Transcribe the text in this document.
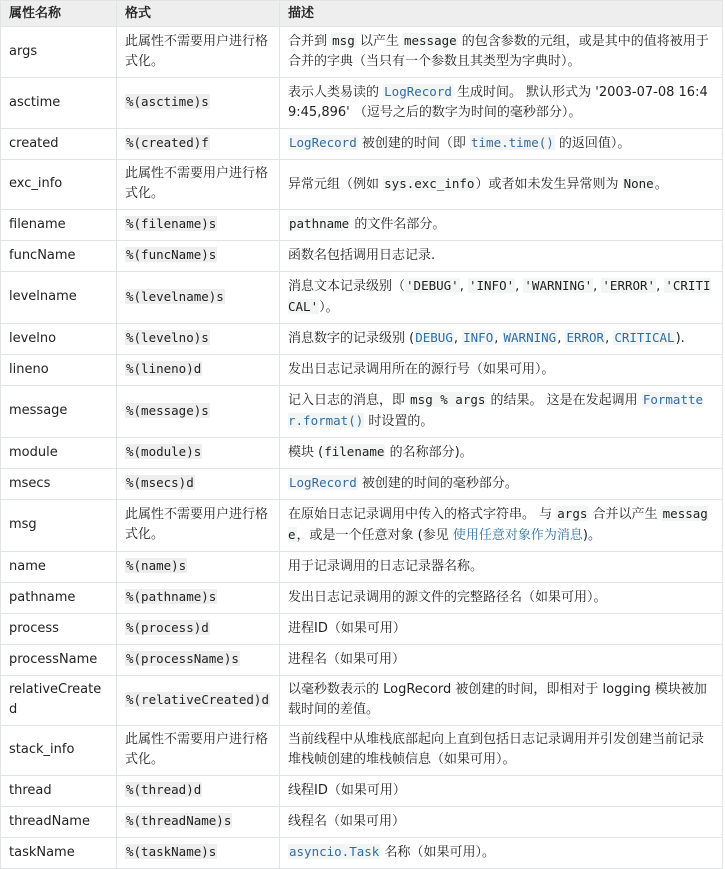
属性名称	格式	描述
args	此属性不需要用户进行格式化。	合并到 msg 以产生 message 的包含参数的元组，或是其中的值将被用于合并的字典（当只有一个参数且其类型为字典时）。
asctime	%(asctime)s	表示人类易读的 LogRecord 生成时间。 默认形式为 '2003-07-08 16:49:45,896' （逗号之后的数字为时间的毫秒部分）。
created	%(created)f	LogRecord 被创建的时间（即 time.time() 的返回值）。
exc_info	此属性不需要用户进行格式化。	异常元组（例如 sys.exc_info）或者如未发生异常则为 None。
filename	%(filename)s	pathname 的文件名部分。
funcName	%(funcName)s	函数名包括调用日志记录.
levelname	%(levelname)s	消息文本记录级别（'DEBUG', 'INFO', 'WARNING', 'ERROR', 'CRITICAL'）。
levelno	%(levelno)s	消息数字的记录级别 (DEBUG, INFO, WARNING, ERROR, CRITICAL).
lineno	%(lineno)d	发出日志记录调用所在的源行号（如果可用）。
message	%(message)s	记入日志的消息，即 msg % args 的结果。 这是在发起调用 Formatter.format() 时设置的。
module	%(module)s	模块 (filename 的名称部分)。
msecs	%(msecs)d	LogRecord 被创建的时间的毫秒部分。
msg	此属性不需要用户进行格式化。	在原始日志记录调用中传入的格式字符串。 与 args 合并以产生 message，或是一个任意对象 (参见 使用任意对象作为消息)。
name	%(name)s	用于记录调用的日志记录器名称。
pathname	%(pathname)s	发出日志记录调用的源文件的完整路径名（如果可用）。
process	%(process)d	进程ID（如果可用）
processName	%(processName)s	进程名（如果可用）
relativeCreated	%(relativeCreated)d	以毫秒数表示的 LogRecord 被创建的时间，即相对于 logging 模块被加载时间的差值。
stack_info	此属性不需要用户进行格式化。	当前线程中从堆栈底部起向上直到包括日志记录调用并引发创建当前记录堆栈帧创建的堆栈帧信息（如果可用）。
thread	%(thread)d	线程ID（如果可用）
threadName	%(threadName)s	线程名（如果可用）
taskName	%(taskName)s	asyncio.Task 名称（如果可用）。
